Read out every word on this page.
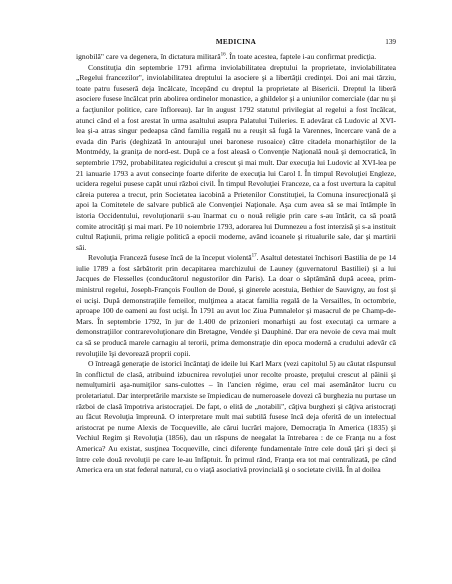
MEDICINA	139

ignobilă" care va degenera, în dictatura militară$^{16}$. În toate acestea, faptele i-au confirmat predicţia.

Constituţia din septembrie 1791 afirma inviolabilitatea dreptului la proprietate, inviolabilitatea „Regelui francezilor", inviolabilitatea dreptului la asociere şi a libertăţii credinţei. Doi ani mai târziu, toate patru fuseseră deja încălcate, începând cu dreptul la proprietate al Bisericii. Dreptul la liberă asociere fusese încălcat prin abolirea ordinelor monastice, a ghildelor şi a uniunilor comerciale (dar nu şi a facţiunilor politice, care înfloreau). Iar în august 1792 statutul privilegiat al regelui a fost încălcat, atunci când el a fost arestat în urma asaltului asupra Palatului Tuileries. E adevărat că Ludovic al XVI-lea şi-a atras singur pedeapsa când familia regală nu a reuşit să fugă la Varennes, încercare vană de a evada din Paris (deghizată în antourajul unei baronese rusoaice) către citadela monarhiştilor de la Montmédy, la graniţa de nord-est. După ce a fost aleasă o Convenţie Naţională nouă şi democratică, în septembrie 1792, probabilitatea regicidului a crescut şi mai mult. Dar execuţia lui Ludovic al XVI-lea pe 21 ianuarie 1793 a avut consecinţe foarte diferite de execuţia lui Carol I. În timpul Revoluţiei Engleze, ucidera regelui pusese capăt unui război civil. În timpul Revoluţiei Franceze, ca a fost uvertura la capitul căreia puterea a trecut, prin Societatea iacobină a Prietenilor Constituţiei, la Comuna insurecţională şi apoi la Comitetele de salvare publică ale Convenţiei Naţionale. Aşa cum avea să se mai întâmple în istoria Occidentului, revoluţionarii s-au înarmat cu o nouă religie prin care s-au întărit, ca să poată comite atrocităţi şi mai mari. Pe 10 noiembrie 1793, adorarea lui Dumnezeu a fost interzisă şi s-a instituit cultul Raţiunii, prima religie politică a epocii moderne, având icoanele şi ritualurile sale, dar şi martirii săi.

Revoluţia Franceză fusese încă de la început violentă$^{17}$. Asaltul detestatei închisori Bastilia de pe 14 iulie 1789 a fost sărbătorit prin decapitarea marchizului de Launey (guvernatorul Bastiliei) şi a lui Jacques de Flesselles (conducătorul negustorilor din Paris). La doar o săptămână după aceea, prim-ministrul regelui, Joseph-François Foullon de Doué, şi ginerele acestuia, Bethier de Sauvigny, au fost şi ei ucişi. După demonstraţiile femeilor, mulţimea a atacat familia regală de la Versailles, în octombrie, aproape 100 de oameni au fost ucişi. În 1791 au avut loc Ziua Pumnalelor şi masacrul de pe Champ-de-Mars. În septembrie 1792, în jur de 1.400 de prizonieri monarhişti au fost executaţi ca urmare a demonstraţiilor contrarevoluţionare din Bretagne, Vendée şi Dauphiné. Dar era nevoie de ceva mai mult ca să se producă marele carnagiu al terorii, prima demonstraţie din epoca modernă a crudului adevăr că revoluţiile îşi devorează proprii copii.

O întreagă generaţie de istorici încântaţi de ideile lui Karl Marx (vezi capitolul 5) au căutat răspunsul în conflictul de clasă, atribuind izbucnirea revoluţiei unor recolte proaste, preţului crescut al pâinii şi nemulţumirii aşa-numiţilor sans-culottes – în l'ancien régime, erau cel mai asemănător lucru cu proletariatul. Dar interpretările marxiste se împiedicau de numeroasele dovezi că burghezia nu purtase un război de clasă împotriva aristocraţiei. De fapt, o elită de „notabili", câţiva burghezi şi câţiva aristocraţi au făcut Revoluţia împreună. O interpretare mult mai subtilă fusese încă deja oferită de un intelectual aristocrat pe nume Alexis de Tocqueville, ale cărui lucrări majore, Democraţia în America (1835) şi Vechiul Regim şi Revoluţia (1856), dau un răspuns de neegalat la întrebarea : de ce Franţa nu a fost America? Au existat, susţinea Tocqueville, cinci diferenţe fundamentale între cele două ţări şi deci şi între cele două revoluţii pe care le-au înfăptuit. În primul rând, Franţa era tot mai centralizată, pe când America era un stat federal natural, cu o viaţă asociativă provincială şi o societate civilă. În al doilea
